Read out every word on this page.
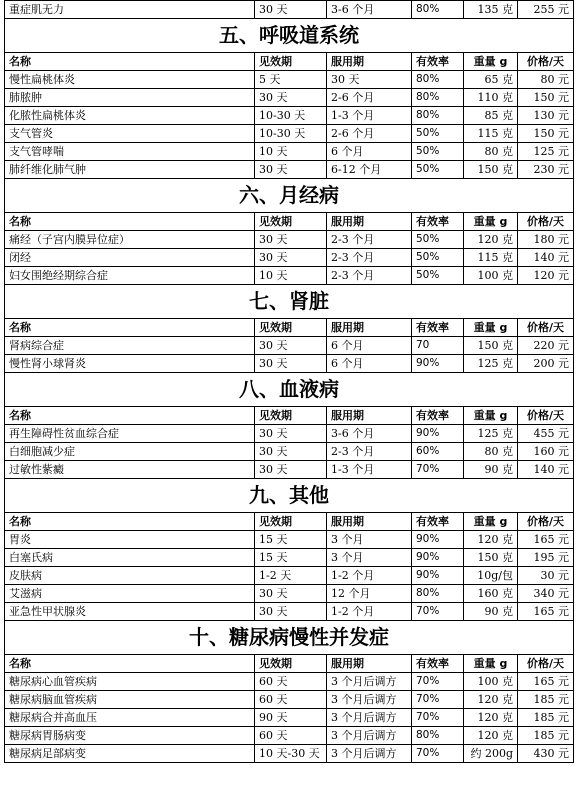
重症肌无力	30 天	3-6 个月	80%	135 克	255 元
五、呼吸道系统					
名称	见效期	服用期	有效率	重量 g	价格/天
慢性扁桃体炎	5 天	30 天	80%	65 克	80 元
肺脓肿	30 天	2-6 个月	80%	110 克	150 元
化脓性扁桃体炎	10-30 天	1-3 个月	80%	85 克	130 元
支气管炎	10-30 天	2-6 个月	50%	115 克	150 元
支气管哮喘	10 天	6 个月	50%	80 克	125 元
肺纤维化肺气肿	30 天	6-12 个月	50%	150 克	230 元
六、月经病					
名称	见效期	服用期	有效率	重量 g	价格/天
痛经（子宫内膜异位症）	30 天	2-3 个月	50%	120 克	180 元
闭经	30 天	2-3 个月	50%	115 克	140 元
妇女围绝经期综合症	10 天	2-3 个月	50%	100 克	120 元
七、肾脏					
名称	见效期	服用期	有效率	重量 g	价格/天
肾病综合症	30 天	6 个月	70	150 克	220 元
慢性肾小球肾炎	30 天	6 个月	90%	125 克	200 元
八、血液病					
名称	见效期	服用期	有效率	重量 g	价格/天
再生障碍性贫血综合症	30 天	3-6 个月	90%	125 克	455 元
白细胞减少症	30 天	2-3 个月	60%	80 克	160 元
过敏性紫癜	30 天	1-3 个月	70%	90 克	140 元
九、其他					
名称	见效期	服用期	有效率	重量 g	价格/天
胃炎	15 天	3 个月	90%	120 克	165 元
白塞氏病	15 天	3 个月	90%	150 克	195 元
皮肤病	1-2 天	1-2 个月	90%	10g/包	30 元
艾滋病	30 天	12 个月	80%	160 克	340 元
亚急性甲状腺炎	30 天	1-2 个月	70%	90 克	165 元
十、糖尿病慢性并发症					
名称	见效期	服用期	有效率	重量 g	价格/天
糖尿病心血管疾病	60 天	3 个月后调方	70%	100 克	165 元
糖尿病脑血管疾病	60 天	3 个月后调方	70%	120 克	185 元
糖尿病合并高血压	90 天	3 个月后调方	70%	120 克	185 元
糖尿病胃肠病变	60 天	3 个月后调方	80%	120 克	185 元
糖尿病足部病变	10 天-30 天	3 个月后调方	70%	约 200g	430 元
